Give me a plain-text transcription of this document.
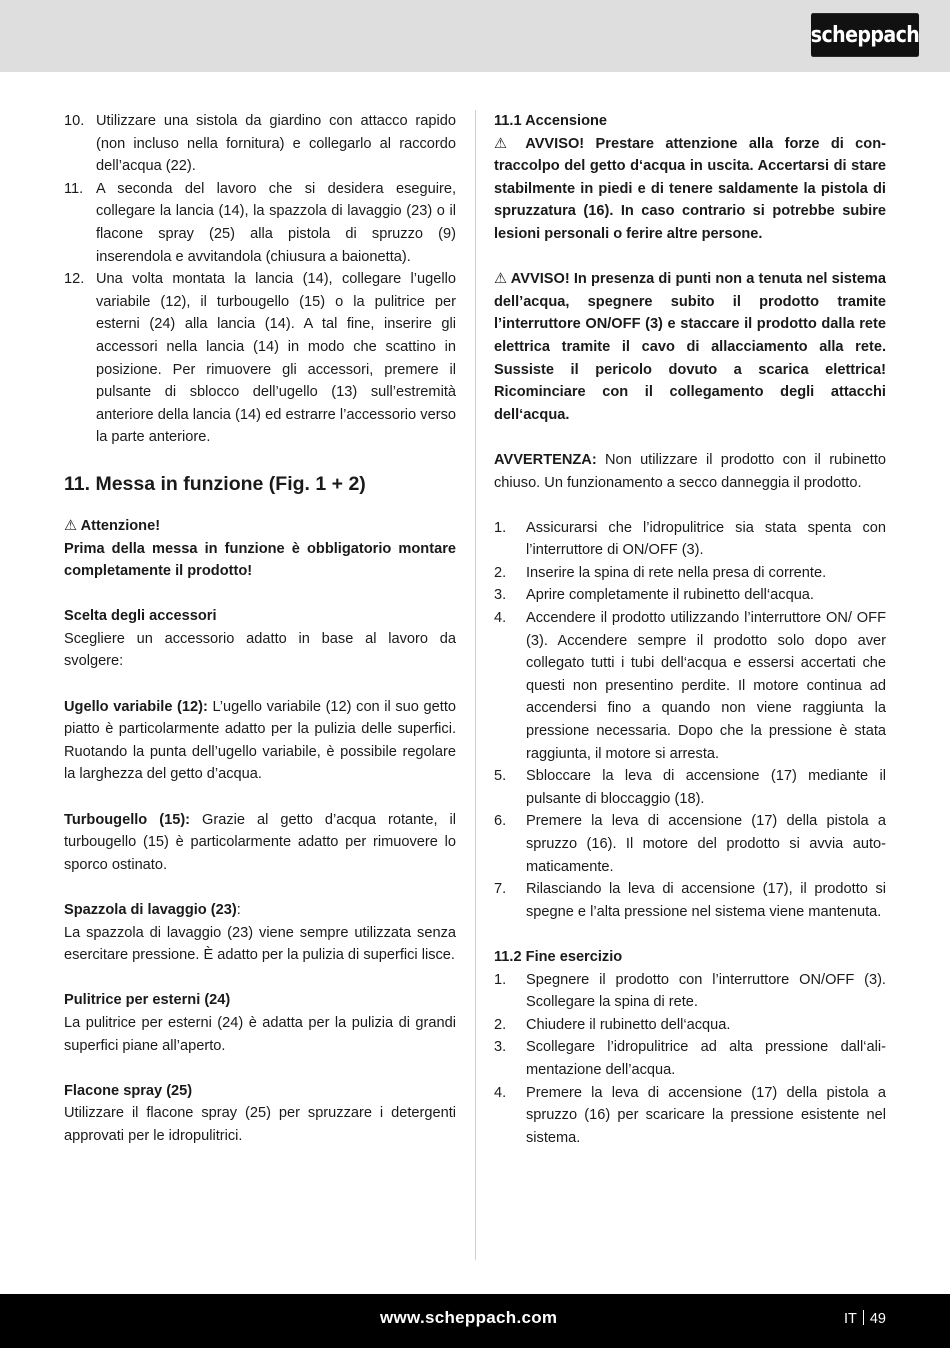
scheppach
10. Utilizzare una sistola da giardino con attacco rapido (non incluso nella fornitura) e collegarlo al raccordo dell’acqua (22).
11. A seconda del lavoro che si desidera eseguire, collegare la lancia (14), la spazzola di lavaggio (23) o il flacone spray (25) alla pistola di spruzzo (9) inserendola e avvitandola (chiusura a baionetta).
12. Una volta montata la lancia (14), collegare l’ugello variabile (12), il turbougello (15) o la pulitrice per esterni (24) alla lancia (14). A tal fine, inserire gli accessori nella lancia (14) in modo che scattino in posizione. Per rimuovere gli accessori, premere il pulsante di sblocco dell’ugello (13) sull’estremità anteriore della lancia (14) ed estrarre l’accessorio verso la parte anteriore.
11. Messa in funzione (Fig. 1 + 2)

⚠ Attenzione!

Prima della messa in funzione è obbligatorio montare completamente il prodotto!

Scelta degli accessori

Scegliere un accessorio adatto in base al lavoro da svolgere:

Ugello variabile (12): L’ugello variabile (12) con il suo getto piatto è particolarmente adatto per la pulizia delle superfici. Ruotando la punta dell’ugello variabile, è possibile regolare la larghezza del getto d’acqua.

Turbougello (15): Grazie al getto d’acqua rotante, il turbougello (15) è particolarmente adatto per rimuovere lo sporco ostinato.

Spazzola di lavaggio (23):

La spazzola di lavaggio (23) viene sempre utilizzata senza esercitare pressione. È adatto per la pulizia di superfici lisce.

Pulitrice per esterni (24)

La pulitrice per esterni (24) è adatta per la pulizia di grandi superfici piane all’aperto.

Flacone spray (25)

Utilizzare il flacone spray (25) per spruzzare i detergenti approvati per le idropulitrici.

11.1 Accensione

⚠ AVVISO! Prestare attenzione alla forze di contraccolpo del getto d‘acqua in uscita. Accertarsi di stare stabilmente in piedi e di tenere saldamente la pistola di spruzzatura (16). In caso contrario si potrebbe subire lesioni personali o ferire altre persone.

⚠ AVVISO! In presenza di punti non a tenuta nel sistema dell’acqua, spegnere subito il prodotto tramite l’interruttore ON/OFF (3) e staccare il prodotto dalla rete elettrica tramite il cavo di allacciamento alla rete. Sussiste il pericolo dovuto a scarica elettrica! Ricominciare con il collegamento degli attacchi dell‘acqua.

AVVERTENZA: Non utilizzare il prodotto con il rubinetto chiuso. Un funzionamento a secco danneggia il prodotto.

1.	Assicurarsi che l’idropulitrice sia stata spenta con l’interruttore di ON/OFF (3).
2.	Inserire la spina di rete nella presa di corrente.
3.	Aprire completamente il rubinetto dell‘acqua.
4.	Accendere il prodotto utilizzando l’interruttore ON/ OFF (3). Accendere sempre il prodotto solo dopo aver collegato tutti i tubi dell‘acqua e essersi accertati che questi non presentino perdite. Il motore continua ad accendersi fino a quando non viene raggiunta la pressione necessaria. Dopo che la pressione è stata raggiunta, il motore si arresta.
5.	Sbloccare la leva di accensione (17) mediante il pulsante di bloccaggio (18).
6.	Premere la leva di accensione (17) della pistola a spruzzo (16). Il motore del prodotto si avvia automaticamente.
7.	Rilasciando la leva di accensione (17), il prodotto si spegne e l’alta pressione nel sistema viene mantenuta.

11.2 Fine esercizio

1.	Spegnere il prodotto con l’interruttore ON/OFF (3). Scollegare la spina di rete.
2.	Chiudere il rubinetto dell‘acqua.
3.	Scollegare l’idropulitrice ad alta pressione dall‘alimentazione dell’acqua.
4.	Premere la leva di accensione (17) della pistola a spruzzo (16) per scaricare la pressione esistente nel sistema.
www.scheppach.com	IT 49
